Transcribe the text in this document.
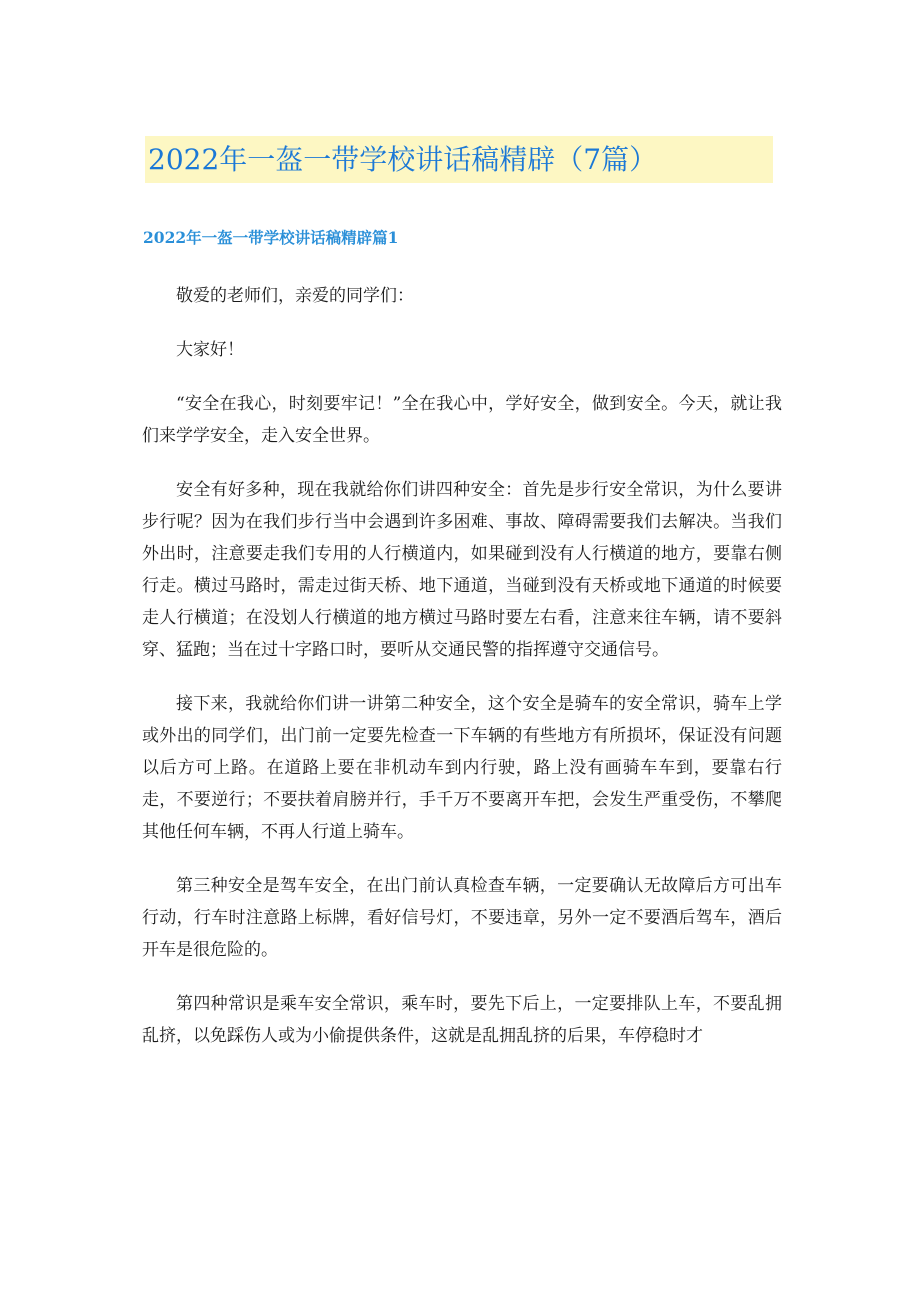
2022年一盔一带学校讲话稿精辟（7篇）
2022年一盔一带学校讲话稿精辟篇1

敬爱的老师们，亲爱的同学们：

大家好！

“安全在我心，时刻要牢记！”全在我心中，学好安全，做到安全。今天，就让我们来学学安全，走入安全世界。

安全有好多种，现在我就给你们讲四种安全：首先是步行安全常识，为什么要讲步行呢？因为在我们步行当中会遇到许多困难、事故、障碍需要我们去解决。当我们外出时，注意要走我们专用的人行横道内，如果碰到没有人行横道的地方，要靠右侧行走。横过马路时，需走过街天桥、地下通道，当碰到没有天桥或地下通道的时候要走人行横道；在没划人行横道的地方横过马路时要左右看，注意来往车辆，请不要斜穿、猛跑；当在过十字路口时，要听从交通民警的指挥遵守交通信号。

接下来，我就给你们讲一讲第二种安全，这个安全是骑车的安全常识，骑车上学或外出的同学们，出门前一定要先检查一下车辆的有些地方有所损坏，保证没有问题以后方可上路。在道路上要在非机动车到内行驶，路上没有画骑车车到，要靠右行走，不要逆行；不要扶着肩膀并行，手千万不要离开车把，会发生严重受伤，不攀爬其他任何车辆，不再人行道上骑车。

第三种安全是驾车安全，在出门前认真检查车辆，一定要确认无故障后方可出车行动，行车时注意路上标牌，看好信号灯，不要违章，另外一定不要酒后驾车，酒后开车是很危险的。

第四种常识是乘车安全常识，乘车时，要先下后上，一定要排队上车，不要乱拥乱挤，以免踩伤人或为小偷提供条件，这就是乱拥乱挤的后果，车停稳时才
